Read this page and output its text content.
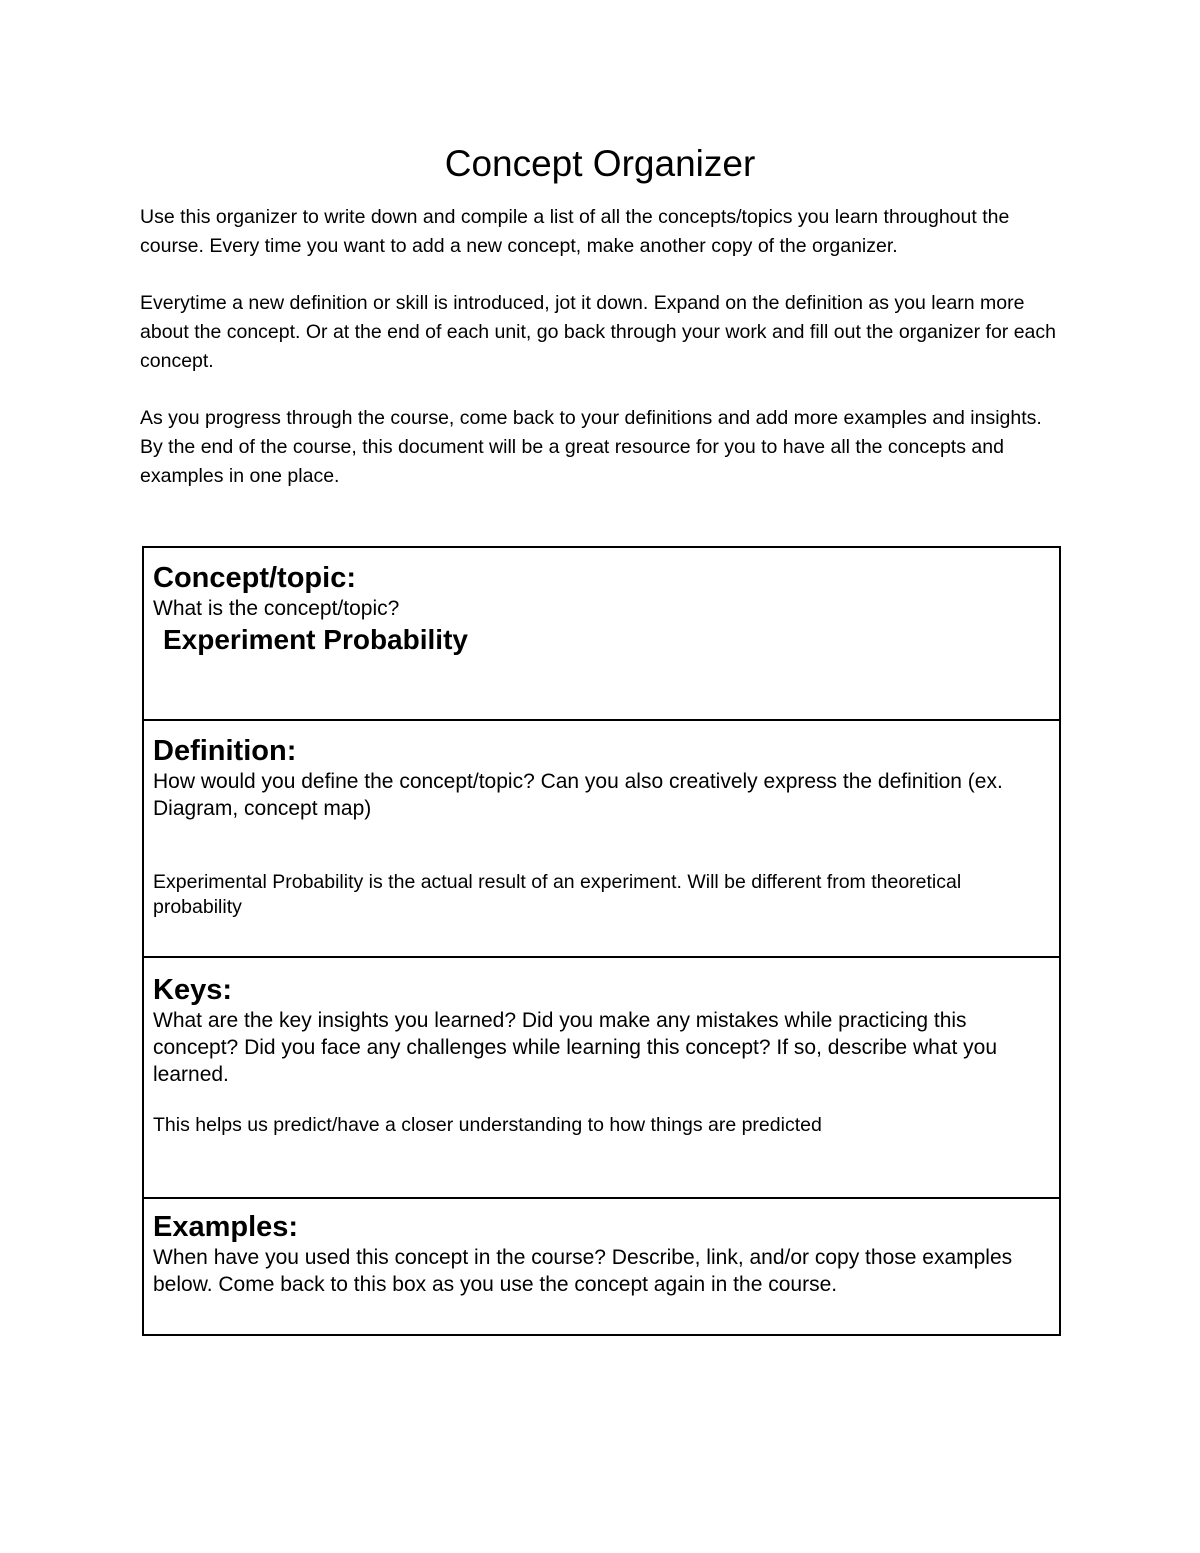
Concept Organizer

Use this organizer to write down and compile a list of all the concepts/topics you learn throughout the course. Every time you want to add a new concept, make another copy of the organizer.

Everytime a new definition or skill is introduced, jot it down. Expand on the definition as you learn more about the concept. Or at the end of each unit, go back through your work and fill out the organizer for each concept.

As you progress through the course, come back to your definitions and add more examples and insights. By the end of the course, this document will be a great resource for you to have all the concepts and examples in one place.

Concept/topic:

What is the concept/topic?

Experiment Probability

Definition:

How would you define the concept/topic? Can you also creatively express the definition (ex. Diagram, concept map)

Experimental Probability is the actual result of an experiment. Will be different from theoretical probability

Keys:

What are the key insights you learned? Did you make any mistakes while practicing this concept? Did you face any challenges while learning this concept? If so, describe what you learned.

This helps us predict/have a closer understanding to how things are predicted

Examples:

When have you used this concept in the course? Describe, link, and/or copy those examples below. Come back to this box as you use the concept again in the course.
